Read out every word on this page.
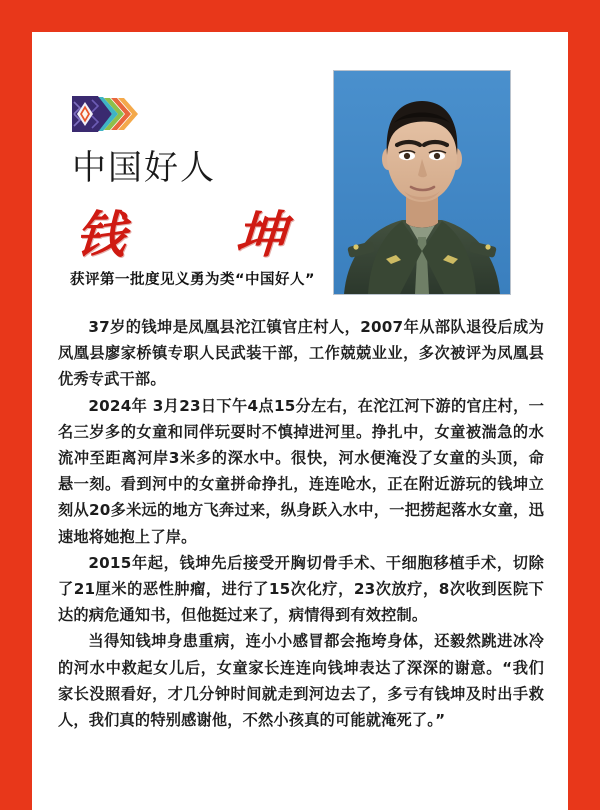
中国好人
钱　坤
获评第一批度见义勇为类“中国好人”

37岁的钱坤是凤凰县沱江镇官庄村人，2007年从部队退役后成为凤凰县廖家桥镇专职人民武装干部，工作兢兢业业，多次被评为凤凰县优秀专武干部。

2024年 3月23日下午4点15分左右，在沱江河下游的官庄村，一名三岁多的女童和同伴玩耍时不慎掉进河里。挣扎中，女童被湍急的水流冲至距离河岸3米多的深水中。很快，河水便淹没了女童的头顶，命悬一刻。看到河中的女童拼命挣扎，连连呛水，正在附近游玩的钱坤立刻从20多米远的地方飞奔过来，纵身跃入水中，一把捞起落水女童，迅速地将她抱上了岸。

2015年起，钱坤先后接受开胸切骨手术、干细胞移植手术，切除了21厘米的恶性肿瘤，进行了15次化疗，23次放疗，8次收到医院下达的病危通知书，但他挺过来了，病情得到有效控制。

当得知钱坤身患重病，连小小感冒都会拖垮身体，还毅然跳进冰冷的河水中救起女儿后，女童家长连连向钱坤表达了深深的谢意。“我们家长没照看好，才几分钟时间就走到河边去了，多亏有钱坤及时出手救人，我们真的特别感谢他，不然小孩真的可能就淹死了。”
